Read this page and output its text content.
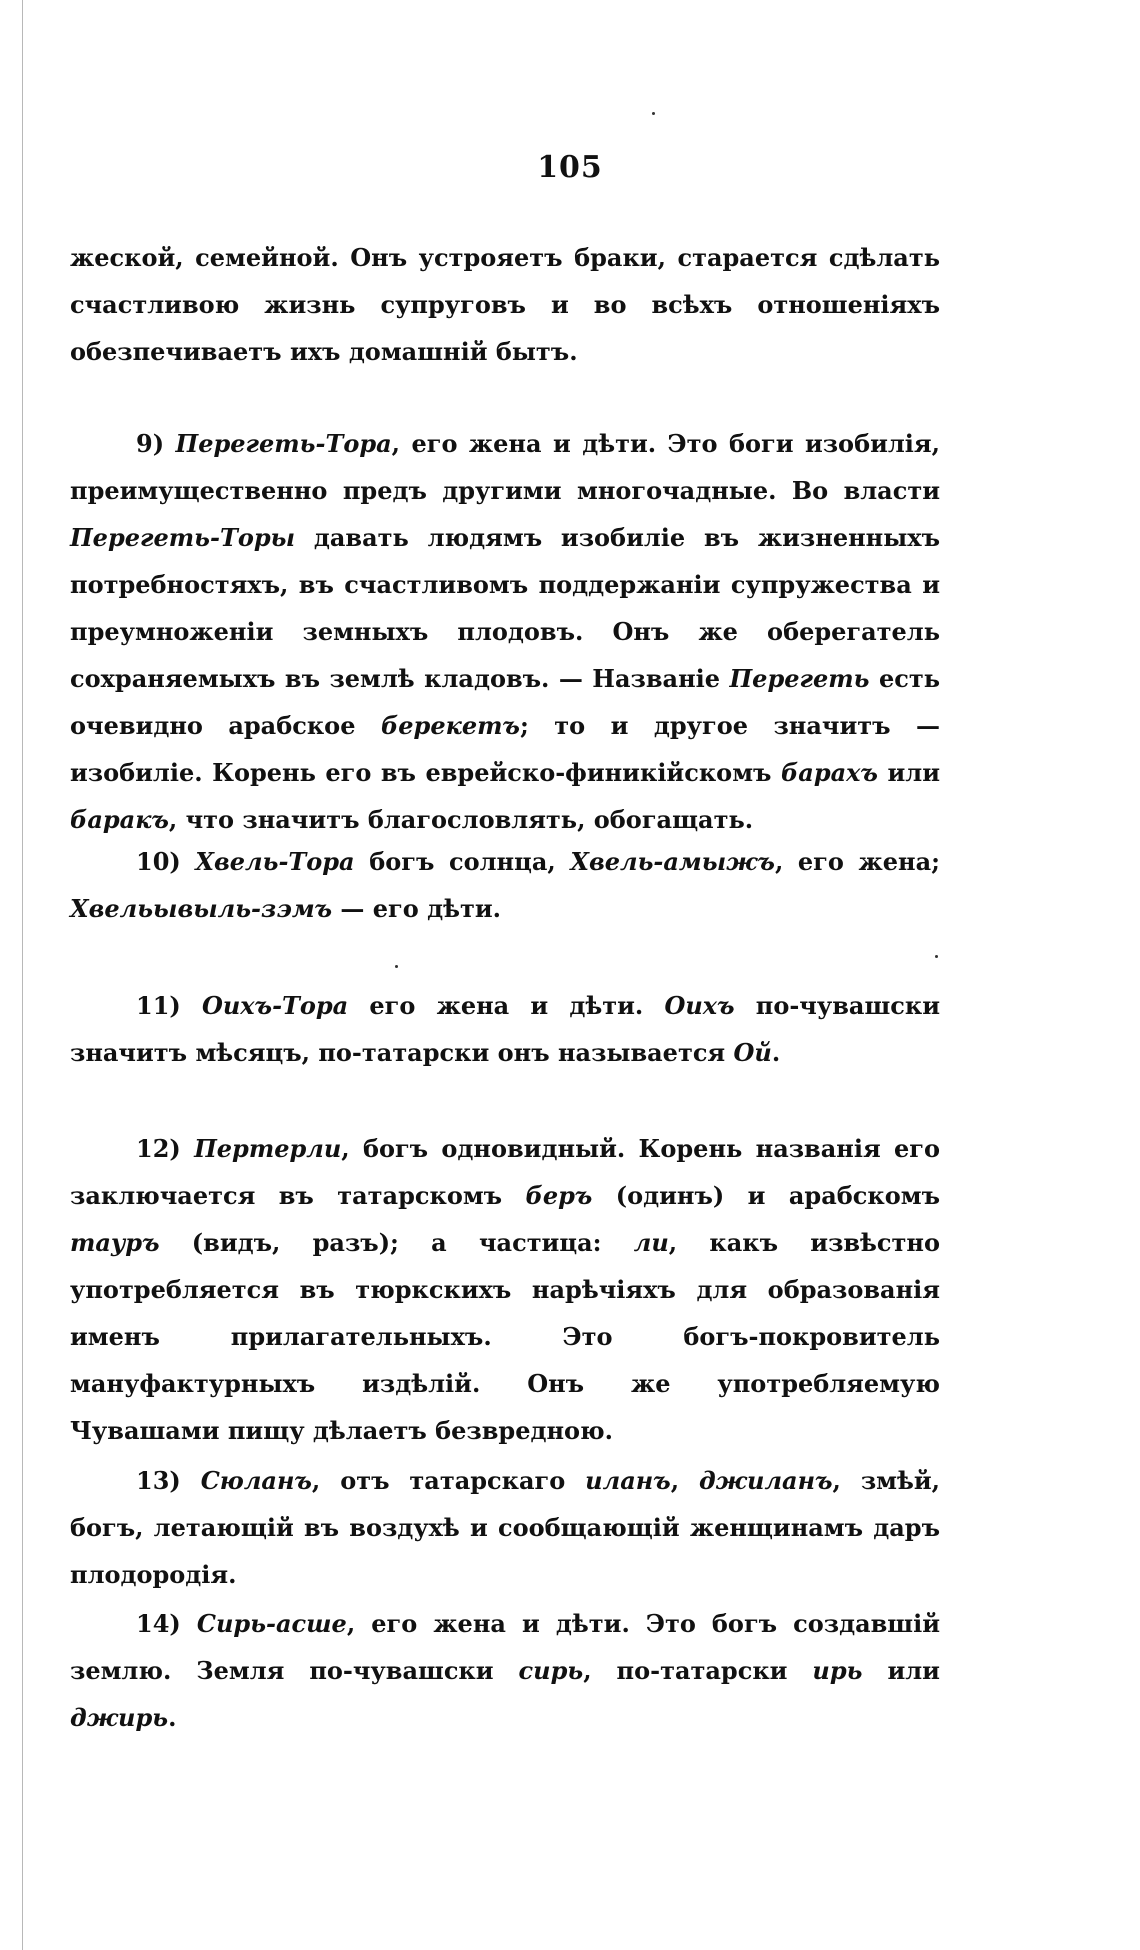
105

жеской, семейной. Онъ устрояетъ браки, старается сдѣлать счастливою жизнь супруговъ и во всѣхъ отношеніяхъ обезпечиваетъ ихъ домашній бытъ.

9) Перегеть-Тора, его жена и дѣти. Это боги изобилія, преимущественно предъ другими многочадные. Во власти Перегеть-Торы давать людямъ изобиліе въ жизненныхъ потребностяхъ, въ счастливомъ поддержаніи супружества и преумноженіи земныхъ плодовъ. Онъ же оберегатель сохраняемыхъ въ землѣ кладовъ. — Названіе Перегеть есть очевидно арабское берекетъ; то и другое значитъ — изобиліе. Корень его въ еврейско-финикійскомъ барахъ или баракъ, что значитъ благословлять, обогащать.

10) Хвель-Тора богъ солнца, Хвель-амыжъ, его жена; Хвельывыль-зэмъ — его дѣти.

11) Оихъ-Тора его жена и дѣти. Оихъ по-чувашски значитъ мѣсяцъ, по-татарски онъ называется Ой.

12) Пертерли, богъ одновидный. Корень названія его заключается въ татарскомъ беръ (одинъ) и арабскомъ тауръ (видъ, разъ); а частица: ли, какъ извѣстно употребляется въ тюркскихъ нарѣчіяхъ для образованія именъ прилагательныхъ. Это богъ-покровитель мануфактурныхъ издѣлій. Онъ же употребляемую Чувашами пищу дѣлаетъ безвредною.

13) Сюланъ, отъ татарскаго иланъ, джиланъ, змѣй, богъ, летающій въ воздухѣ и сообщающій женщинамъ даръ плодородія.

14) Сирь-асше, его жена и дѣти. Это богъ создавшій землю. Земля по-чувашски сирь, по-татарски ирь или джирь.
